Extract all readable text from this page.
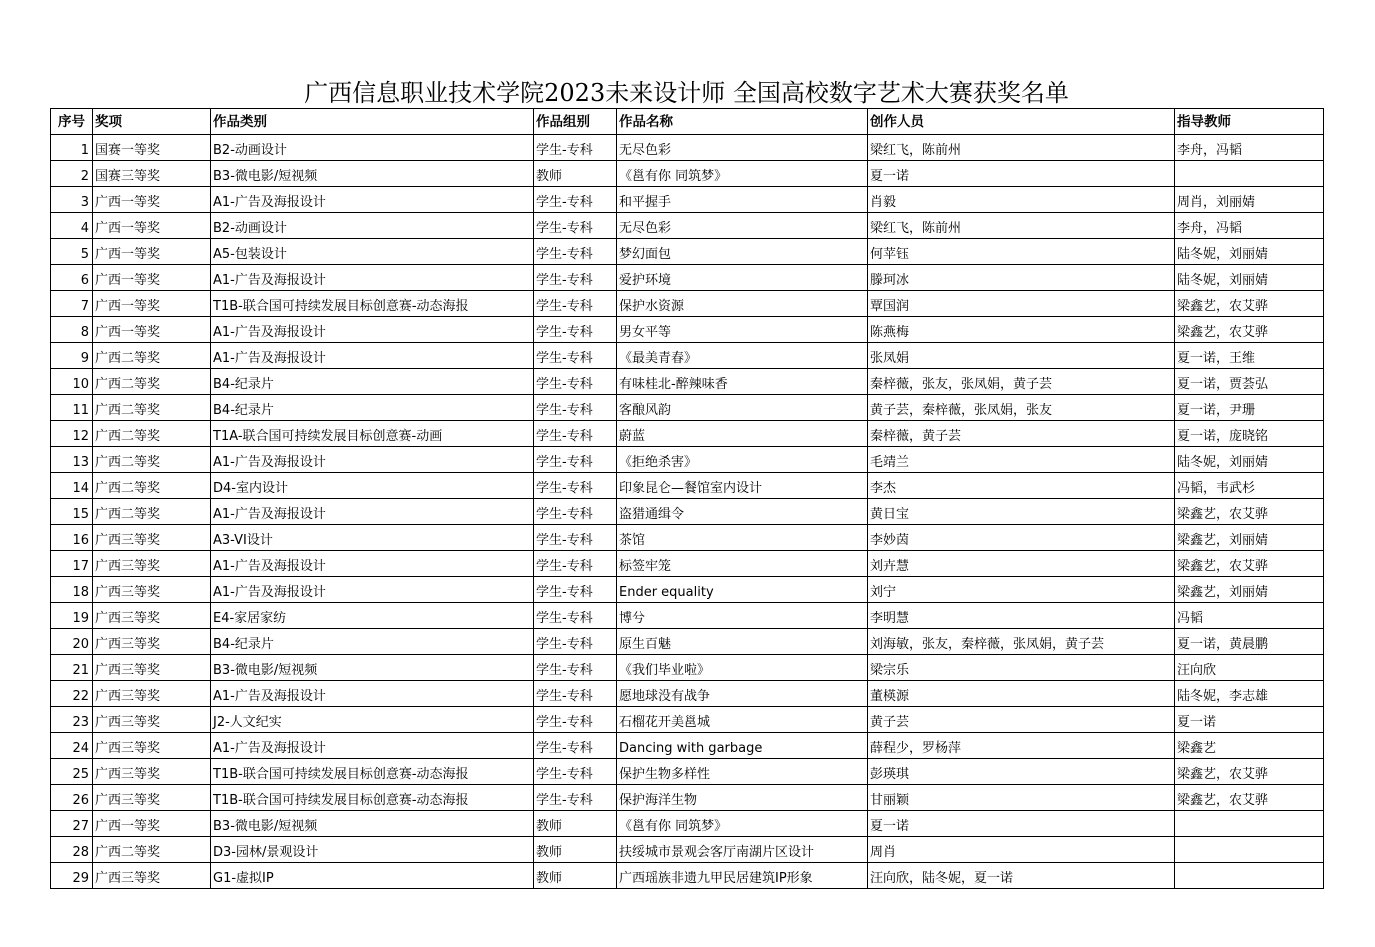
广西信息职业技术学院2023未来设计师 全国高校数字艺术大赛获奖名单
序号	奖项	作品类别	作品组别	作品名称	创作人员	指导教师
1	国赛一等奖	B2-动画设计	学生-专科	无尽色彩	梁红飞，陈前州	李舟，冯韬
2	国赛三等奖	B3-微电影/短视频	教师	《邕有你 同筑梦》	夏一诺	
3	广西一等奖	A1-广告及海报设计	学生-专科	和平握手	肖毅	周肖，刘丽婧
4	广西一等奖	B2-动画设计	学生-专科	无尽色彩	梁红飞，陈前州	李舟，冯韬
5	广西一等奖	A5-包装设计	学生-专科	梦幻面包	何苹钰	陆冬妮，刘丽婧
6	广西一等奖	A1-广告及海报设计	学生-专科	爱护环境	滕珂冰	陆冬妮，刘丽婧
7	广西一等奖	T1B-联合国可持续发展目标创意赛-动态海报	学生-专科	保护水资源	覃国润	梁鑫艺，农艾骅
8	广西一等奖	A1-广告及海报设计	学生-专科	男女平等	陈燕梅	梁鑫艺，农艾骅
9	广西二等奖	A1-广告及海报设计	学生-专科	《最美青春》	张凤娟	夏一诺，王维
10	广西二等奖	B4-纪录片	学生-专科	有味桂北-醉辣味香	秦梓薇，张友，张凤娟，黄子芸	夏一诺，贾荟弘
11	广西二等奖	B4-纪录片	学生-专科	客酿风韵	黄子芸，秦梓薇，张凤娟，张友	夏一诺，尹珊
12	广西二等奖	T1A-联合国可持续发展目标创意赛-动画	学生-专科	蔚蓝	秦梓薇，黄子芸	夏一诺，庞晓铭
13	广西二等奖	A1-广告及海报设计	学生-专科	《拒绝杀害》	毛靖兰	陆冬妮，刘丽婧
14	广西二等奖	D4-室内设计	学生-专科	印象昆仑—餐馆室内设计	李杰	冯韬，韦武杉
15	广西二等奖	A1-广告及海报设计	学生-专科	盗猎通缉令	黄日宝	梁鑫艺，农艾骅
16	广西三等奖	A3-VI设计	学生-专科	茶馆	李妙茵	梁鑫艺，刘丽婧
17	广西三等奖	A1-广告及海报设计	学生-专科	标签牢笼	刘卉慧	梁鑫艺，农艾骅
18	广西三等奖	A1-广告及海报设计	学生-专科	Ender equality	刘宁	梁鑫艺，刘丽婧
19	广西三等奖	E4-家居家纺	学生-专科	博兮	李明慧	冯韬
20	广西三等奖	B4-纪录片	学生-专科	原生百魅	刘海敏，张友，秦梓薇，张凤娟，黄子芸	夏一诺，黄晨鹏
21	广西三等奖	B3-微电影/短视频	学生-专科	《我们毕业啦》	梁宗乐	汪向欣
22	广西三等奖	A1-广告及海报设计	学生-专科	愿地球没有战争	董楧源	陆冬妮，李志雄
23	广西三等奖	J2-人文纪实	学生-专科	石榴花开美邕城	黄子芸	夏一诺
24	广西三等奖	A1-广告及海报设计	学生-专科	Dancing with garbage	薛程少，罗杨萍	梁鑫艺
25	广西三等奖	T1B-联合国可持续发展目标创意赛-动态海报	学生-专科	保护生物多样性	彭瑛琪	梁鑫艺，农艾骅
26	广西三等奖	T1B-联合国可持续发展目标创意赛-动态海报	学生-专科	保护海洋生物	甘丽颖	梁鑫艺，农艾骅
27	广西一等奖	B3-微电影/短视频	教师	《邕有你 同筑梦》	夏一诺	
28	广西二等奖	D3-园林/景观设计	教师	扶绥城市景观会客厅南湖片区设计	周肖	
29	广西三等奖	G1-虚拟IP	教师	广西瑶族非遗九甲民居建筑IP形象	汪向欣，陆冬妮，夏一诺	
